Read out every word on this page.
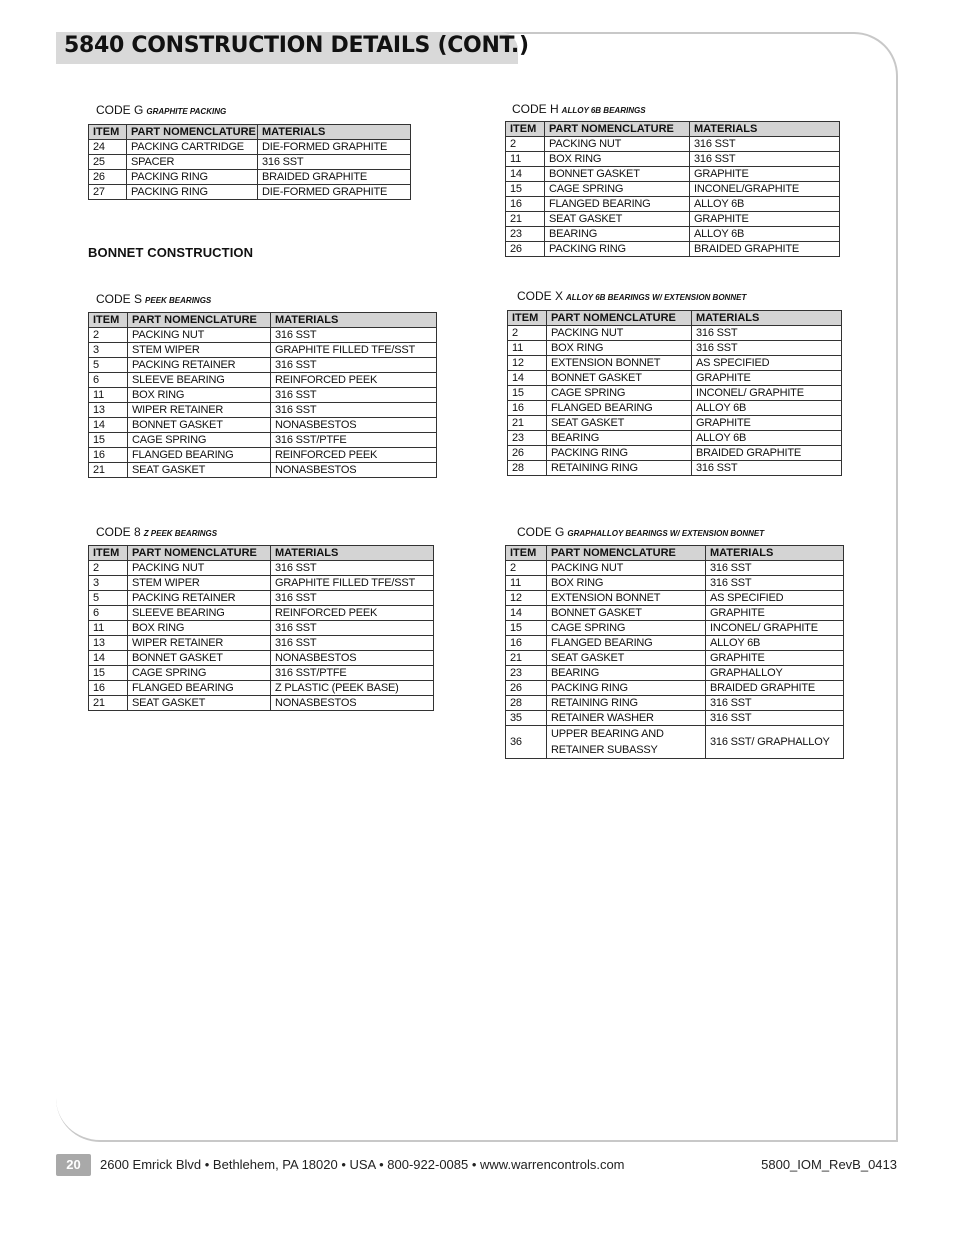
5840 CONSTRUCTION DETAILS (CONT.)
CODE G GRAPHITE PACKING
ITEM	PART NOMENCLATURE	MATERIALS
24	PACKING CARTRIDGE	DIE-FORMED GRAPHITE
25	SPACER	316 SST
26	PACKING RING	BRAIDED GRAPHITE
27	PACKING RING	DIE-FORMED GRAPHITE
CODE H ALLOY 6B BEARINGS
ITEM	PART NOMENCLATURE	MATERIALS
2	PACKING NUT	316 SST
11	BOX RING	316 SST
14	BONNET GASKET	GRAPHITE
15	CAGE SPRING	INCONEL/GRAPHITE
16	FLANGED BEARING	ALLOY 6B
21	SEAT GASKET	GRAPHITE
23	BEARING	ALLOY 6B
26	PACKING RING	BRAIDED GRAPHITE
BONNET CONSTRUCTION
CODE S PEEK BEARINGS
ITEM	PART NOMENCLATURE	MATERIALS
2	PACKING NUT	316 SST
3	STEM WIPER	GRAPHITE FILLED TFE/SST
5	PACKING RETAINER	316 SST
6	SLEEVE BEARING	REINFORCED PEEK
11	BOX RING	316 SST
13	WIPER RETAINER	316 SST
14	BONNET GASKET	NONASBESTOS
15	CAGE SPRING	316 SST/PTFE
16	FLANGED BEARING	REINFORCED PEEK
21	SEAT GASKET	NONASBESTOS
CODE X ALLOY 6B BEARINGS W/ EXTENSION BONNET
ITEM	PART NOMENCLATURE	MATERIALS
2	PACKING NUT	316 SST
11	BOX RING	316 SST
12	EXTENSION BONNET	AS SPECIFIED
14	BONNET GASKET	GRAPHITE
15	CAGE SPRING	INCONEL/ GRAPHITE
16	FLANGED BEARING	ALLOY 6B
21	SEAT GASKET	GRAPHITE
23	BEARING	ALLOY 6B
26	PACKING RING	BRAIDED GRAPHITE
28	RETAINING RING	316 SST
CODE 8 Z PEEK BEARINGS
ITEM	PART NOMENCLATURE	MATERIALS
2	PACKING NUT	316 SST
3	STEM WIPER	GRAPHITE FILLED TFE/SST
5	PACKING RETAINER	316 SST
6	SLEEVE BEARING	REINFORCED PEEK
11	BOX RING	316 SST
13	WIPER RETAINER	316 SST
14	BONNET GASKET	NONASBESTOS
15	CAGE SPRING	316 SST/PTFE
16	FLANGED BEARING	Z PLASTIC (PEEK BASE)
21	SEAT GASKET	NONASBESTOS
CODE G GRAPHALLOY BEARINGS W/ EXTENSION BONNET
ITEM	PART NOMENCLATURE	MATERIALS
2	PACKING NUT	316 SST
11	BOX RING	316 SST
12	EXTENSION BONNET	AS SPECIFIED
14	BONNET GASKET	GRAPHITE
15	CAGE SPRING	INCONEL/ GRAPHITE
16	FLANGED BEARING	ALLOY 6B
21	SEAT GASKET	GRAPHITE
23	BEARING	GRAPHALLOY
26	PACKING RING	BRAIDED GRAPHITE
28	RETAINING RING	316 SST
35	RETAINER WASHER	316 SST
36	UPPER BEARING AND RETAINER SUBASSY	316 SST/ GRAPHALLOY
20	2600 Emrick Blvd • Bethlehem, PA 18020 • USA • 800-922-0085 • www.warrencontrols.com	5800_IOM_RevB_0413
